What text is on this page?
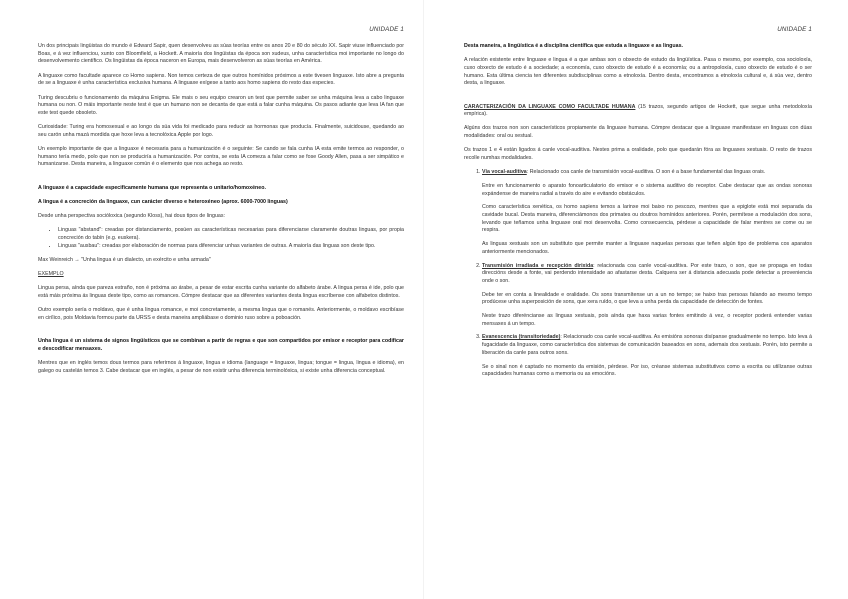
UNIDADE 1

Un dos principais lingüistas do mundo é Edward Sapir, quen desenvolveu as súas teorías entre os anos 20 e 80 do século XX. Sapir viuse influenciado por Boas, e á vez influenciou, xunto con Bloomfield, a Hockett. A maioría dos lingüistas da época son xudeus, unha característica moi importante no longo do desenvolvemento científico. Os lingüistas da época naceron en Europa, mais desenvolveron as súas teorías en América.

A linguaxe como facultade aparece co Homo sapiens. Non temos certeza de que outros homínidos próximos a este tivesen linguaxe. Isto abre a pregunta de se a linguaxe é unha característica exclusiva humana. A linguaxe exígese a tanto aos homo sapiens do resto das especies.

Turing descubriu o funcionamento da máquina Enigma. Ele mais o seu equipo crearon un test que permite saber se unha máquina leva a cabo linguaxe humana ou non. O máis importante neste test é que un humano non se decanta de que está a falar cunha máquina. Os pasos adiante que leva IA fan que este test quede obsoleto.

Curiosidade: Turing era homosexual e ao longo da súa vida foi medicado para reducir as hormonas que producía. Finalmente, suicidouse, quedando ao seu carón unha mazá mordida que hoxe leva a tecnolóxica Apple por logo.

Un exemplo importante de que a linguaxe é necesaria para a humanización é o seguinte: Se cando se fala cunha IA esta emite termos ao responder, o humano tería medo, polo que non se produciría a humanización. Por contra, se esta IA comeza a falar como se fose Goody Allen, pasa a ser simpático e humanizarse. Desta maneira, a linguaxe común é o elemento que nos achega ao resto.

A linguaxe é a capacidade especificamente humana que representa o unitario/homoxéneo.

A lingua é a concreción da linguaxe, cun carácter diverso e heteroxéneo (aprox. 6000-7000 linguas)

Desde unha perspectiva socióloxica (segundo Kloss), hai dous tipos de linguas:

• Linguas "abstand": creadas por distanciamento, posúen as características necesarias para diferenciarse claramente doutras linguas, por propia concreción do tabín (e.g. euskera).
• Linguas "ausbau": creadas por elaboración de normas para diferenciar unhas variantes de outras. A maioría das linguas son deste tipo.

Max Weinreich → "Unha lingua é un dialecto, un exército e unha armada"

EXEMPLO

Lingua persa, aínda que pareza estraño, non é próxima ao árabe, a pesar de estar escrita cunha variante do alfabeto árabe. A lingua persa é ide, polo que está máis próxima ás linguas deste tipo, como as romances. Cómpre destacar que as diferentes variantes desta lingua escríbense con alfabetos distintos.

Outro exemplo sería o moldavo, que é unha lingua romance, e moi concretamente, a mesma lingua que o romanés. Anteriormente, o moldavo escribíase en cirílico, pois Moldavia formou parte da URSS e desta maneira ampliábase o dominio ruso sobre a poboación.

Unha lingua é un sistema de signos lingüísticos que se combinan a partir de regras e que son compartidos por emisor e receptor para codificar e descodificar mensaxes.

Mentres que en inglés temos dous termos para referirnos á linguaxe, lingua e idioma (language = linguaxe, lingua; tongue = lingua, lingua e idioma), en galego ou castelán temos 3. Cabe destacar que en inglés, a pesar de non existir unha diferencia terminolóxica, si existe unha diferencia conceptual.

UNIDADE 1

Desta maneira, a lingüística é a disciplina científica que estuda a linguaxe e as linguas.

A relación existente entre linguaxe e lingua é a que ambas son o obxecto de estudo da lingüística. Pasa o mesmo, por exemplo, coa socioloxía, cuxo obxecto de estudo é a sociedade; a economía, cuxo obxecto de estudo é a economía; ou a antropoloxía, cuxo obxecto de estudo é o ser humano. Esta última ciencia ten diferentes subdisciplinas como a etnoloxía. Dentro desta, encontramos a etnoloxía cultural e, á súa vez, dentro desta, a linguaxe.

CARACTERIZACIÓN DA LINGUAXE COMO FACULTADE HUMANA (15 trazos, segundo artigos de Hockett, que segue unha metodoloxía empírica).

Algúns dos trazos non son característicos propiamente da linguaxe humana. Cómpre destacar que a linguaxe manifestase en linguas con dúas modalidades: oral ou xestual.

Os trazos 1 e 4 están ligados á canle vocal-auditiva. Nestes prima a oralidade, polo que quedarán fóra as linguaxes xestuais. O resto de trazos recolle numhas modalidades.

1. Vía vocal-auditiva: Relacionado coa canle de transmisión vocal-auditiva. O son é a base fundamental das linguas orais.

Entre en funcionamento o aparato fonoarticulatorio do emisor e o sistema auditivo do receptor. Cabe destacar que as ondas sonoras expándense de maneira radial a través do aire e evitando obstáculos.

Como característica xenética, os homo sapiens temos a larinxe moi baixo no pescozo, mentres que a epiglote está moi separada da cavidade bucal. Desta maneira, diferenciámonos dos primates ou doutros homínidos anteriores. Porén, permítese a modulación dos sons, levando que teñamos unha linguaxe oral moi desenvolta. Como consecuencia, pérdese a capacidade de falar mentres se come ou se respira.

As linguas xestuais son un substituto que permite manter a linguaxe naquelas persoas que teñen algún tipo de problema cos aparatos anteriormente mencionados.

2. Transmisión irradiada e recepción dirixida: relacionada coa canle vocal-auditiva. Por este trazo, o son, que se propaga en todas direccións desde a fonte, vai perdendo intensidade ao afastarse desta. Calquera ser á distancia adecuada pode detectar a proveniencia onde o son.

Debe ter en conta a linealidade e oralidade. Os sons transmítense un a un no tempo; se haixo tras persoas falando ao mesmo tempo prodúcese unha superposición de sons, que xera ruído, o que leva a unha perda da capacidade de detección de fontes.

Neste trazo diferéncianse as linguas xestuais, pois aínda que haxa varias fontes emitindo á vez, o receptor poderá entender varias mensaxes á un tempo.

3. Evanescencia (transitoriedade): Relacionado coa canle vocal-auditiva. As emisións sonoras disípanse gradualmente no tempo. Isto leva á fugacidade da linguaxe, como característica dos sistemas de comunicación baseados en sons, ademais dos xestuais. Porén, isto permite a liberación da canle para outros sons.

Se o sinal non é captado no momento da emisión, pérdese. Por iso, créanse sistemas substitutivos como a escrita ou utilízanse outras capacidades humanas como a memoria ou as emocións.
